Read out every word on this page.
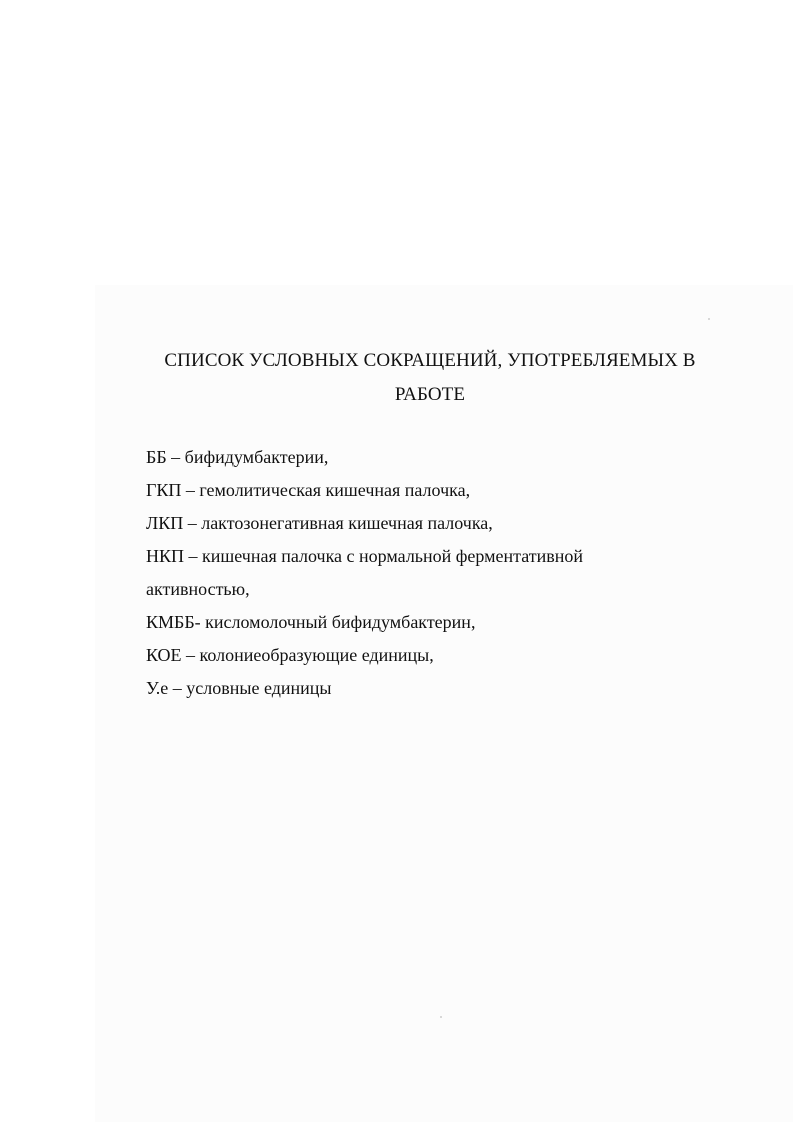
СПИСОК УСЛОВНЫХ СОКРАЩЕНИЙ, УПОТРЕБЛЯЕМЫХ В
РАБОТЕ
ББ – бифидумбактерии,
ГКП – гемолитическая кишечная палочка,
ЛКП – лактозонегативная кишечная палочка,
НКП – кишечная палочка с нормальной ферментативной
активностью,
КМББ- кисломолочный бифидумбактерин,
КОЕ – колониеобразующие единицы,
У.е – условные единицы
